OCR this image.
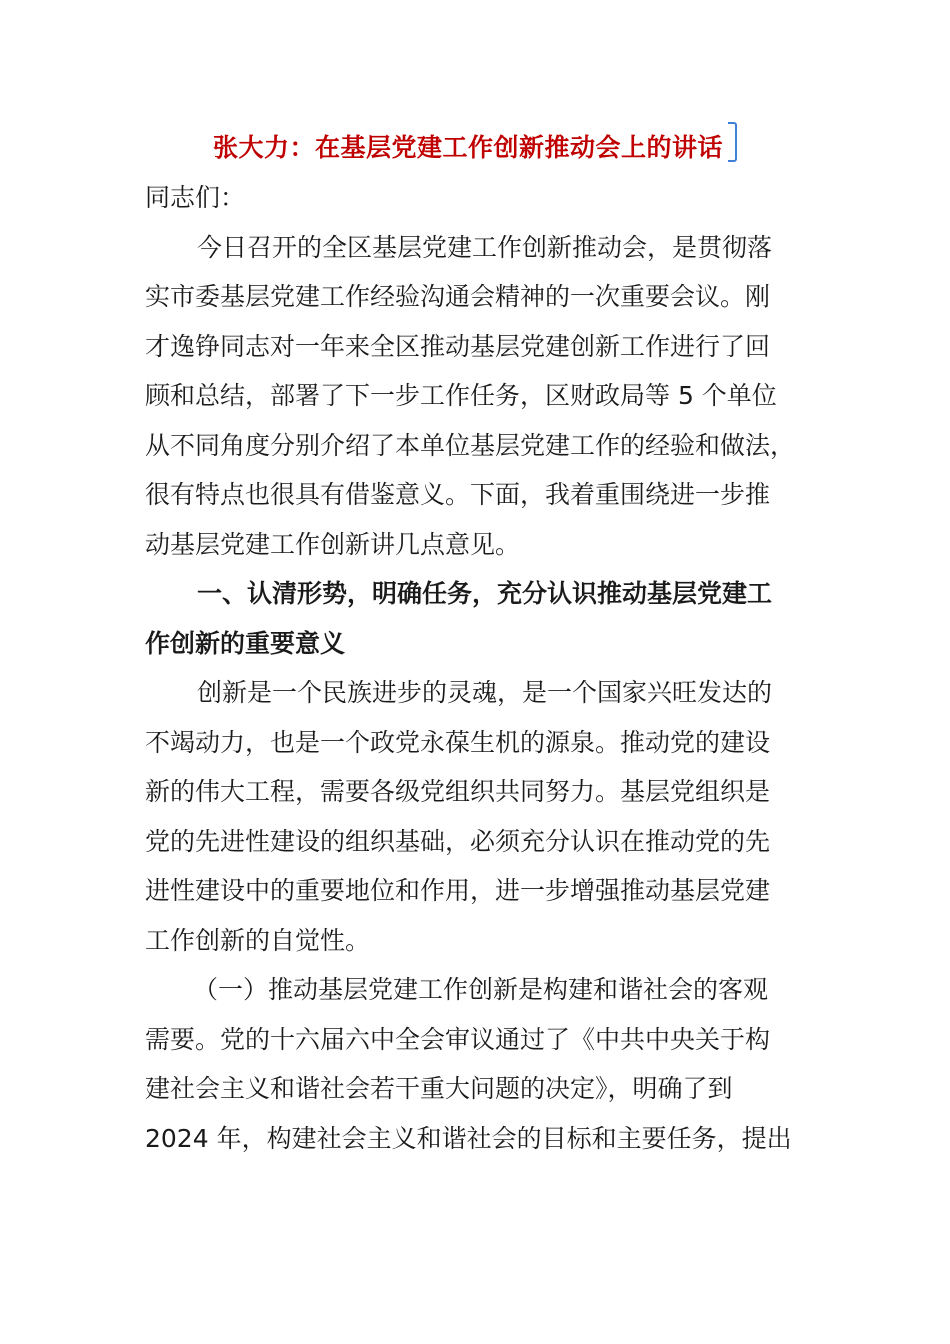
张大力：在基层党建工作创新推动会上的讲话
同志们：
今日召开的全区基层党建工作创新推动会，是贯彻落
实市委基层党建工作经验沟通会精神的一次重要会议。刚
才逸铮同志对一年来全区推动基层党建创新工作进行了回
顾和总结，部署了下一步工作任务，区财政局等 5 个单位
从不同角度分别介绍了本单位基层党建工作的经验和做法，
很有特点也很具有借鉴意义。下面，我着重围绕进一步推
动基层党建工作创新讲几点意见。
一、认清形势，明确任务，充分认识推动基层党建工
作创新的重要意义
创新是一个民族进步的灵魂，是一个国家兴旺发达的
不竭动力，也是一个政党永葆生机的源泉。推动党的建设
新的伟大工程，需要各级党组织共同努力。基层党组织是
党的先进性建设的组织基础，必须充分认识在推动党的先
进性建设中的重要地位和作用，进一步增强推动基层党建
工作创新的自觉性。
（一）推动基层党建工作创新是构建和谐社会的客观
需要。党的十六届六中全会审议通过了《中共中央关于构
建社会主义和谐社会若干重大问题的决定》，明确了到
2024 年，构建社会主义和谐社会的目标和主要任务，提出
